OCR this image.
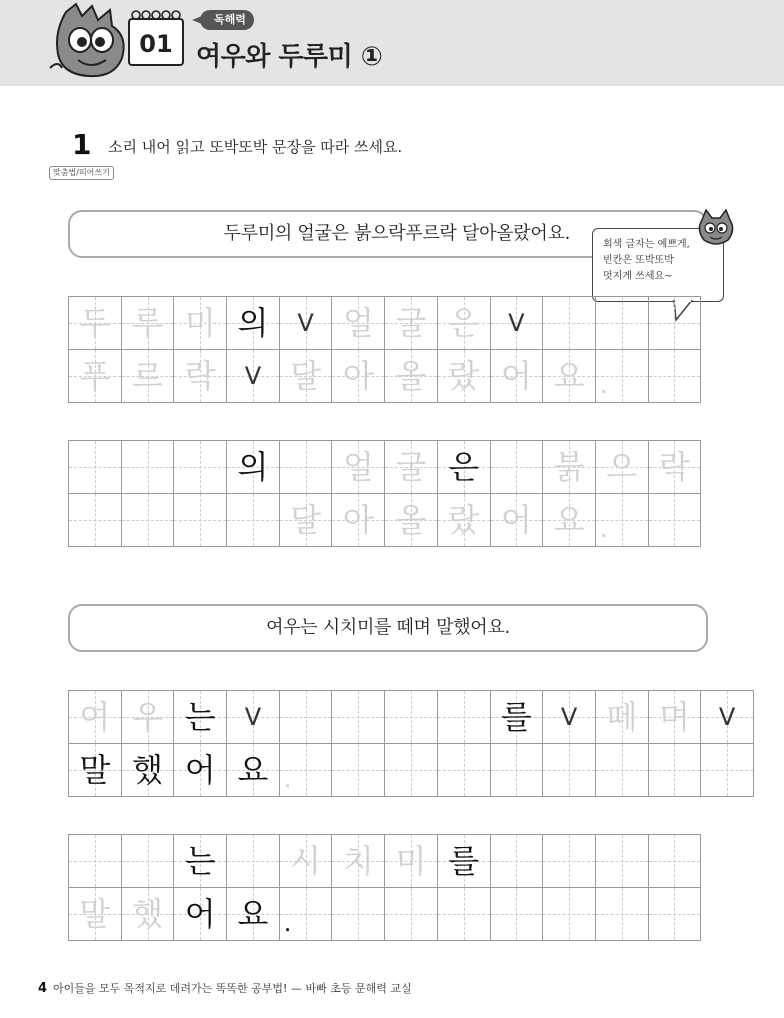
01
독해력
여우와 두루미 ①
1 소리 내어 읽고 또박또박 문장을 따라 쓰세요.
맞춤법/띄어쓰기
두루미의 얼굴은 붉으락푸르락 달아올랐어요.
회색 글자는 예쁘게,
빈칸은 또박또박
멋지게 쓰세요~
두	루	미	의	V	얼	굴	은	V			
푸	르	락	V	달	아	올	랐	어	요	.	

			의		얼	굴	은		붉	으	락
				달	아	올	랐	어	요	.	

여우는 시치미를 떼며 말했어요.
여	우	는	V					를	V	떼	며	V
말	했	어	요	.								

		는		시	치	미	를				
말	했	어	요	.							

4 아이들을 모두 목적지로 데려가는 똑똑한 공부법! — 바빠 초등 문해력 교실
